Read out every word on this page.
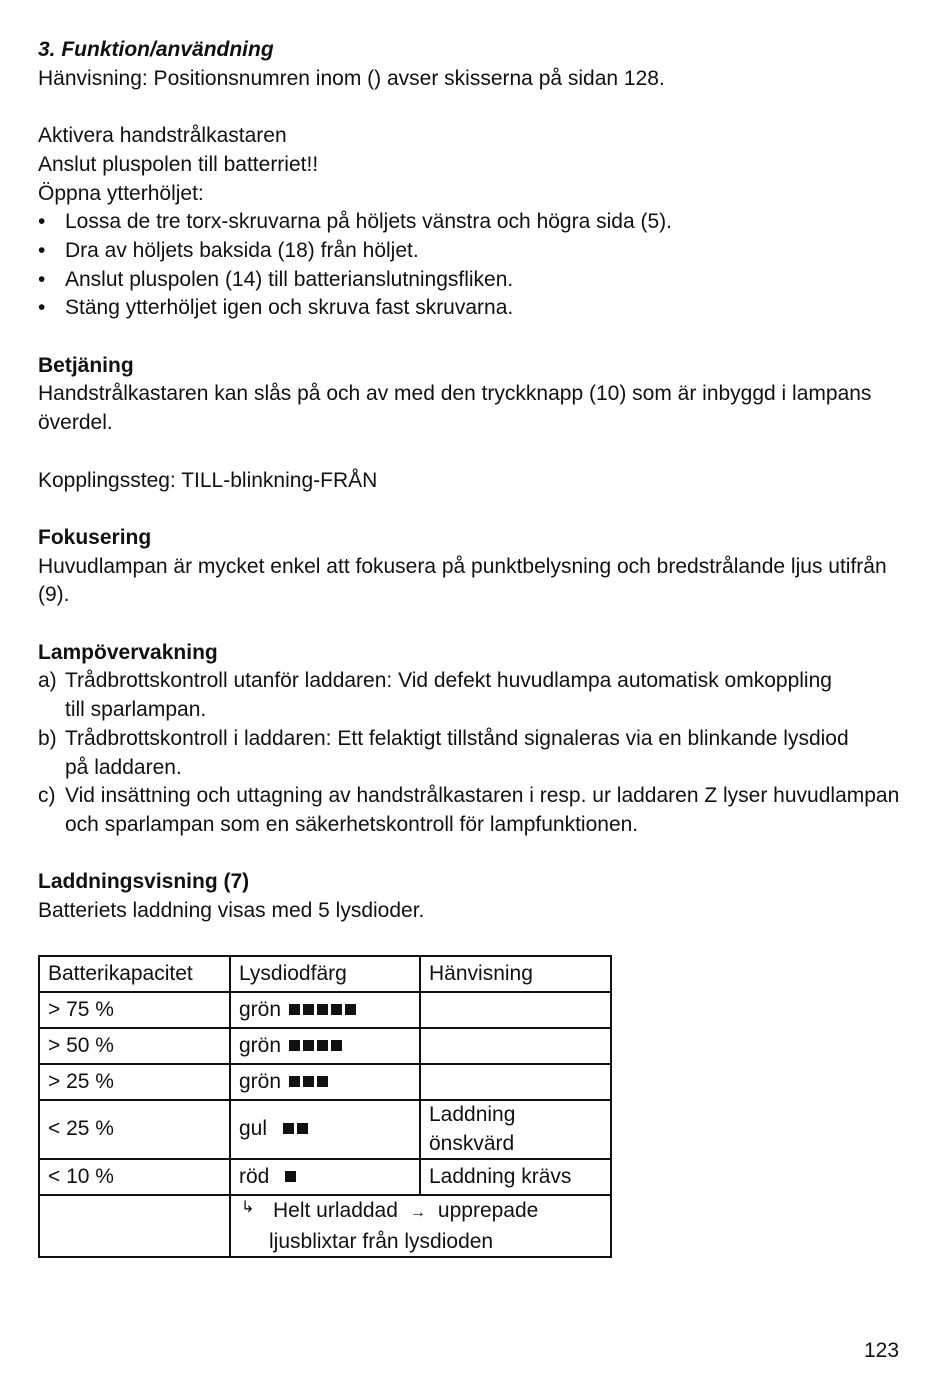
3. Funktion/användning

Hänvisning: Positionsnumren inom () avser skisserna på sidan 128.

Aktivera handstrålkastaren

Anslut pluspolen till batterriet!!

Öppna ytterhöljet:

• Lossa de tre torx-skruvarna på höljets vänstra och högra sida (5).
• Dra av höljets baksida (18) från höljet.
• Anslut pluspolen (14) till batterianslutningsfliken.
• Stäng ytterhöljet igen och skruva fast skruvarna.

Betjäning

Handstrålkastaren kan slås på och av med den tryckknapp (10) som är inbyggd i lampans

överdel.

Kopplingssteg: TILL-blinkning-FRÅN

Fokusering

Huvudlampan är mycket enkel att fokusera på punktbelysning och bredstrålande ljus utifrån (9).

Lampövervakning

a) Trådbrottskontroll utanför laddaren: Vid defekt huvudlampa automatisk omkoppling
till sparlampan.
b) Trådbrottskontroll i laddaren: Ett felaktigt tillstånd signaleras via en blinkande lysdiod
på laddaren.
c) Vid insättning och uttagning av handstrålkastaren i resp. ur laddaren Z lyser huvudlampan
och sparlampan som en säkerhetskontroll för lampfunktionen.

Laddningsvisning (7)

Batteriets laddning visas med 5 lysdioder.

Batterikapacitet	Lysdiodfärg	Hänvisning
> 75 %	grön	
> 50 %	grön	
> 25 %	grön	
< 25 %	gul	Laddning önskvärd
< 10 %	röd	Laddning krävs

	↳ Helt urladdad → upprepade
ljusblixtar från lysdioden	
123
